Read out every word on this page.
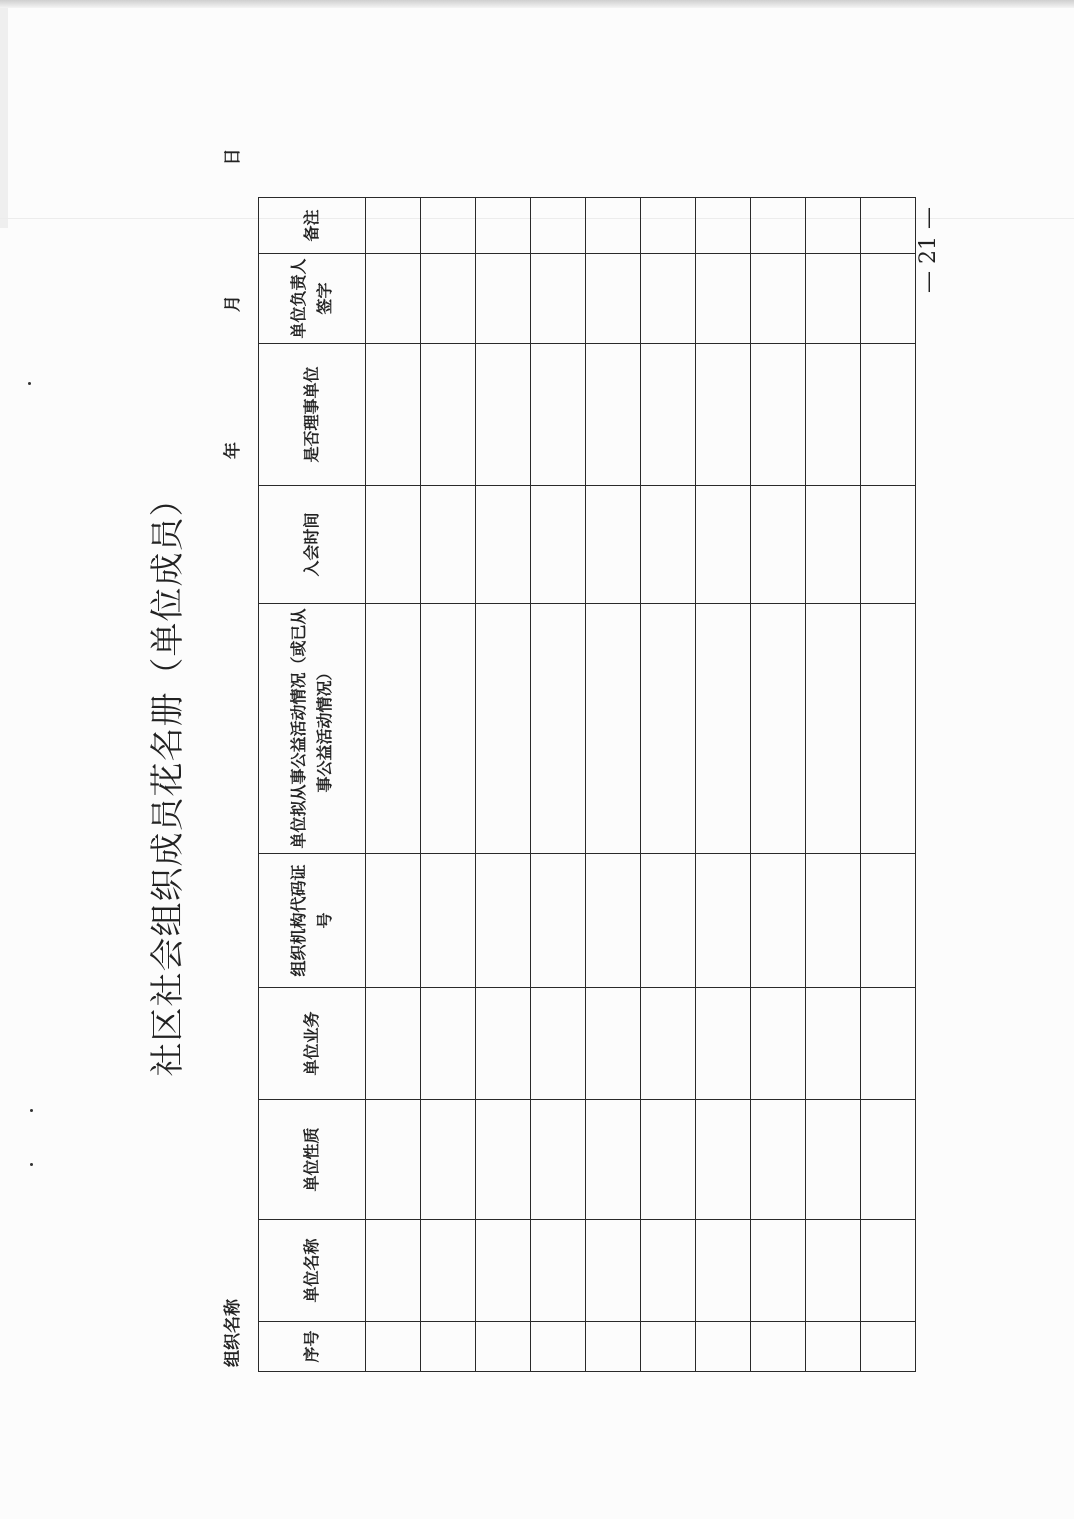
社区社会组织成员花名册（单位成员）
组织名称
年  月  日
序号	单位名称	单位性质	单位业务	组织机构代码证号	单位拟从事公益活动情况（或已从事公益活动情况）	入会时间	是否理事单位	单位负责人签字	备注

										— 21 —
